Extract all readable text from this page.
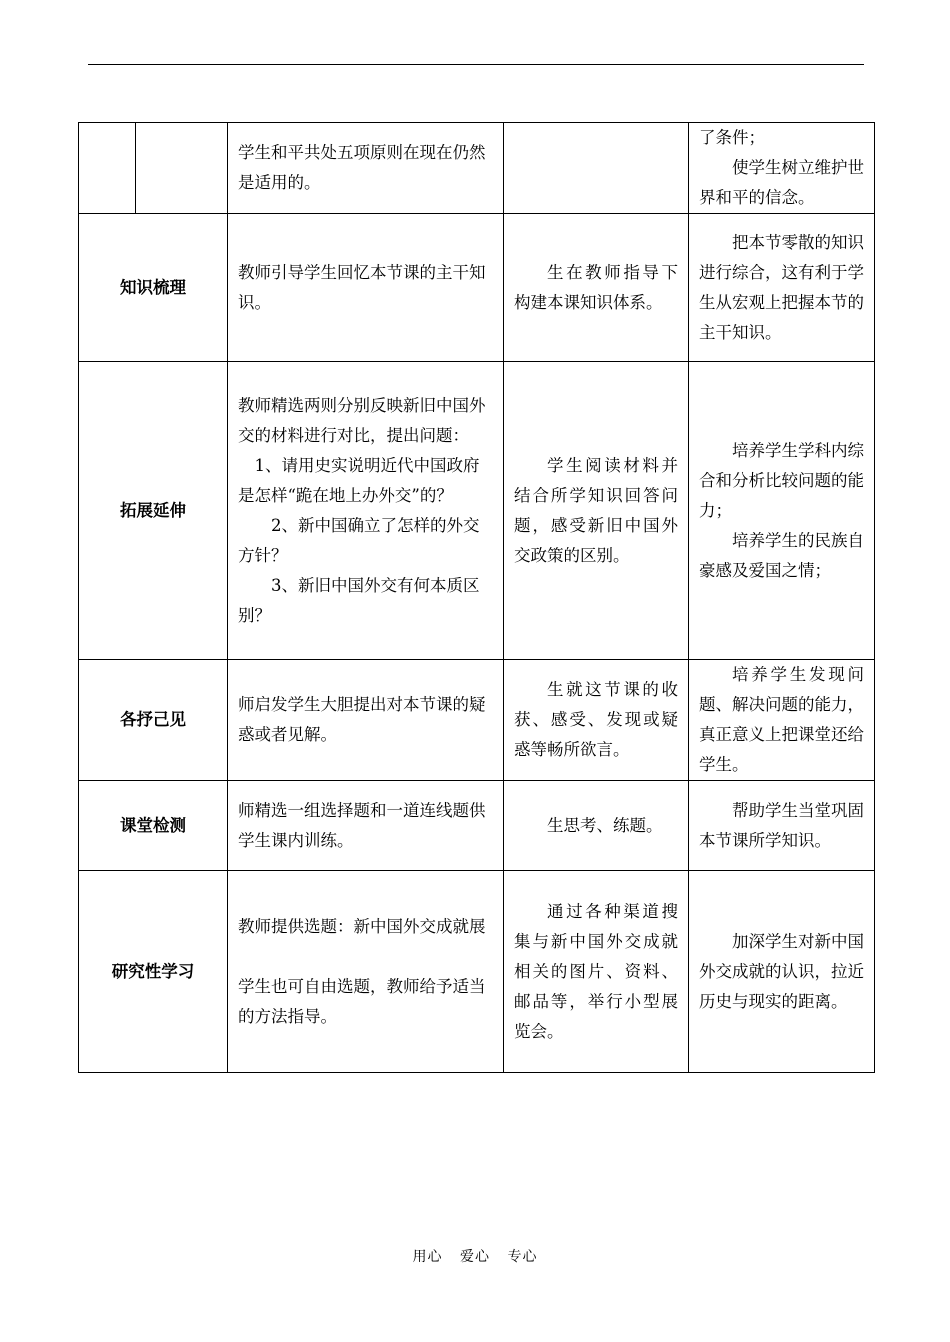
		学生和平共处五项原则在现在仍然是适用的。		了条件；
使学生树立维护世界和平的信念。

知识梳理		教师引导学生回忆本节课的主干知识。	生在教师指导下构建本课知识体系。	把本节零散的知识进行综合，这有利于学生从宏观上把握本节的主干知识。

拓展延伸		教师精选两则分别反映新旧中国外交的材料进行对比，提出问题：
1、请用史实说明近代中国政府是怎样“跪在地上办外交”的？
2、新中国确立了怎样的外交方针？
3、新旧中国外交有何本质区别？	学生阅读材料并结合所学知识回答问题，感受新旧中国外交政策的区别。	培养学生学科内综合和分析比较问题的能力；
培养学生的民族自豪感及爱国之情；

各抒己见		师启发学生大胆提出对本节课的疑惑或者见解。	生就这节课的收获、感受、发现或疑惑等畅所欲言。	培养学生发现问题、解决问题的能力，真正意义上把课堂还给学生。

课堂检测		师精选一组选择题和一道连线题供学生课内训练。	生思考、练题。	帮助学生当堂巩固本节课所学知识。

研究性学习		教师提供选题：新中国外交成就展
学生也可自由选题，教师给予适当的方法指导。	通过各种渠道搜集与新中国外交成就相关的图片、资料、邮品等，举行小型展览会。	加深学生对新中国外交成就的认识，拉近历史与现实的距离。
用心 爱心 专心
